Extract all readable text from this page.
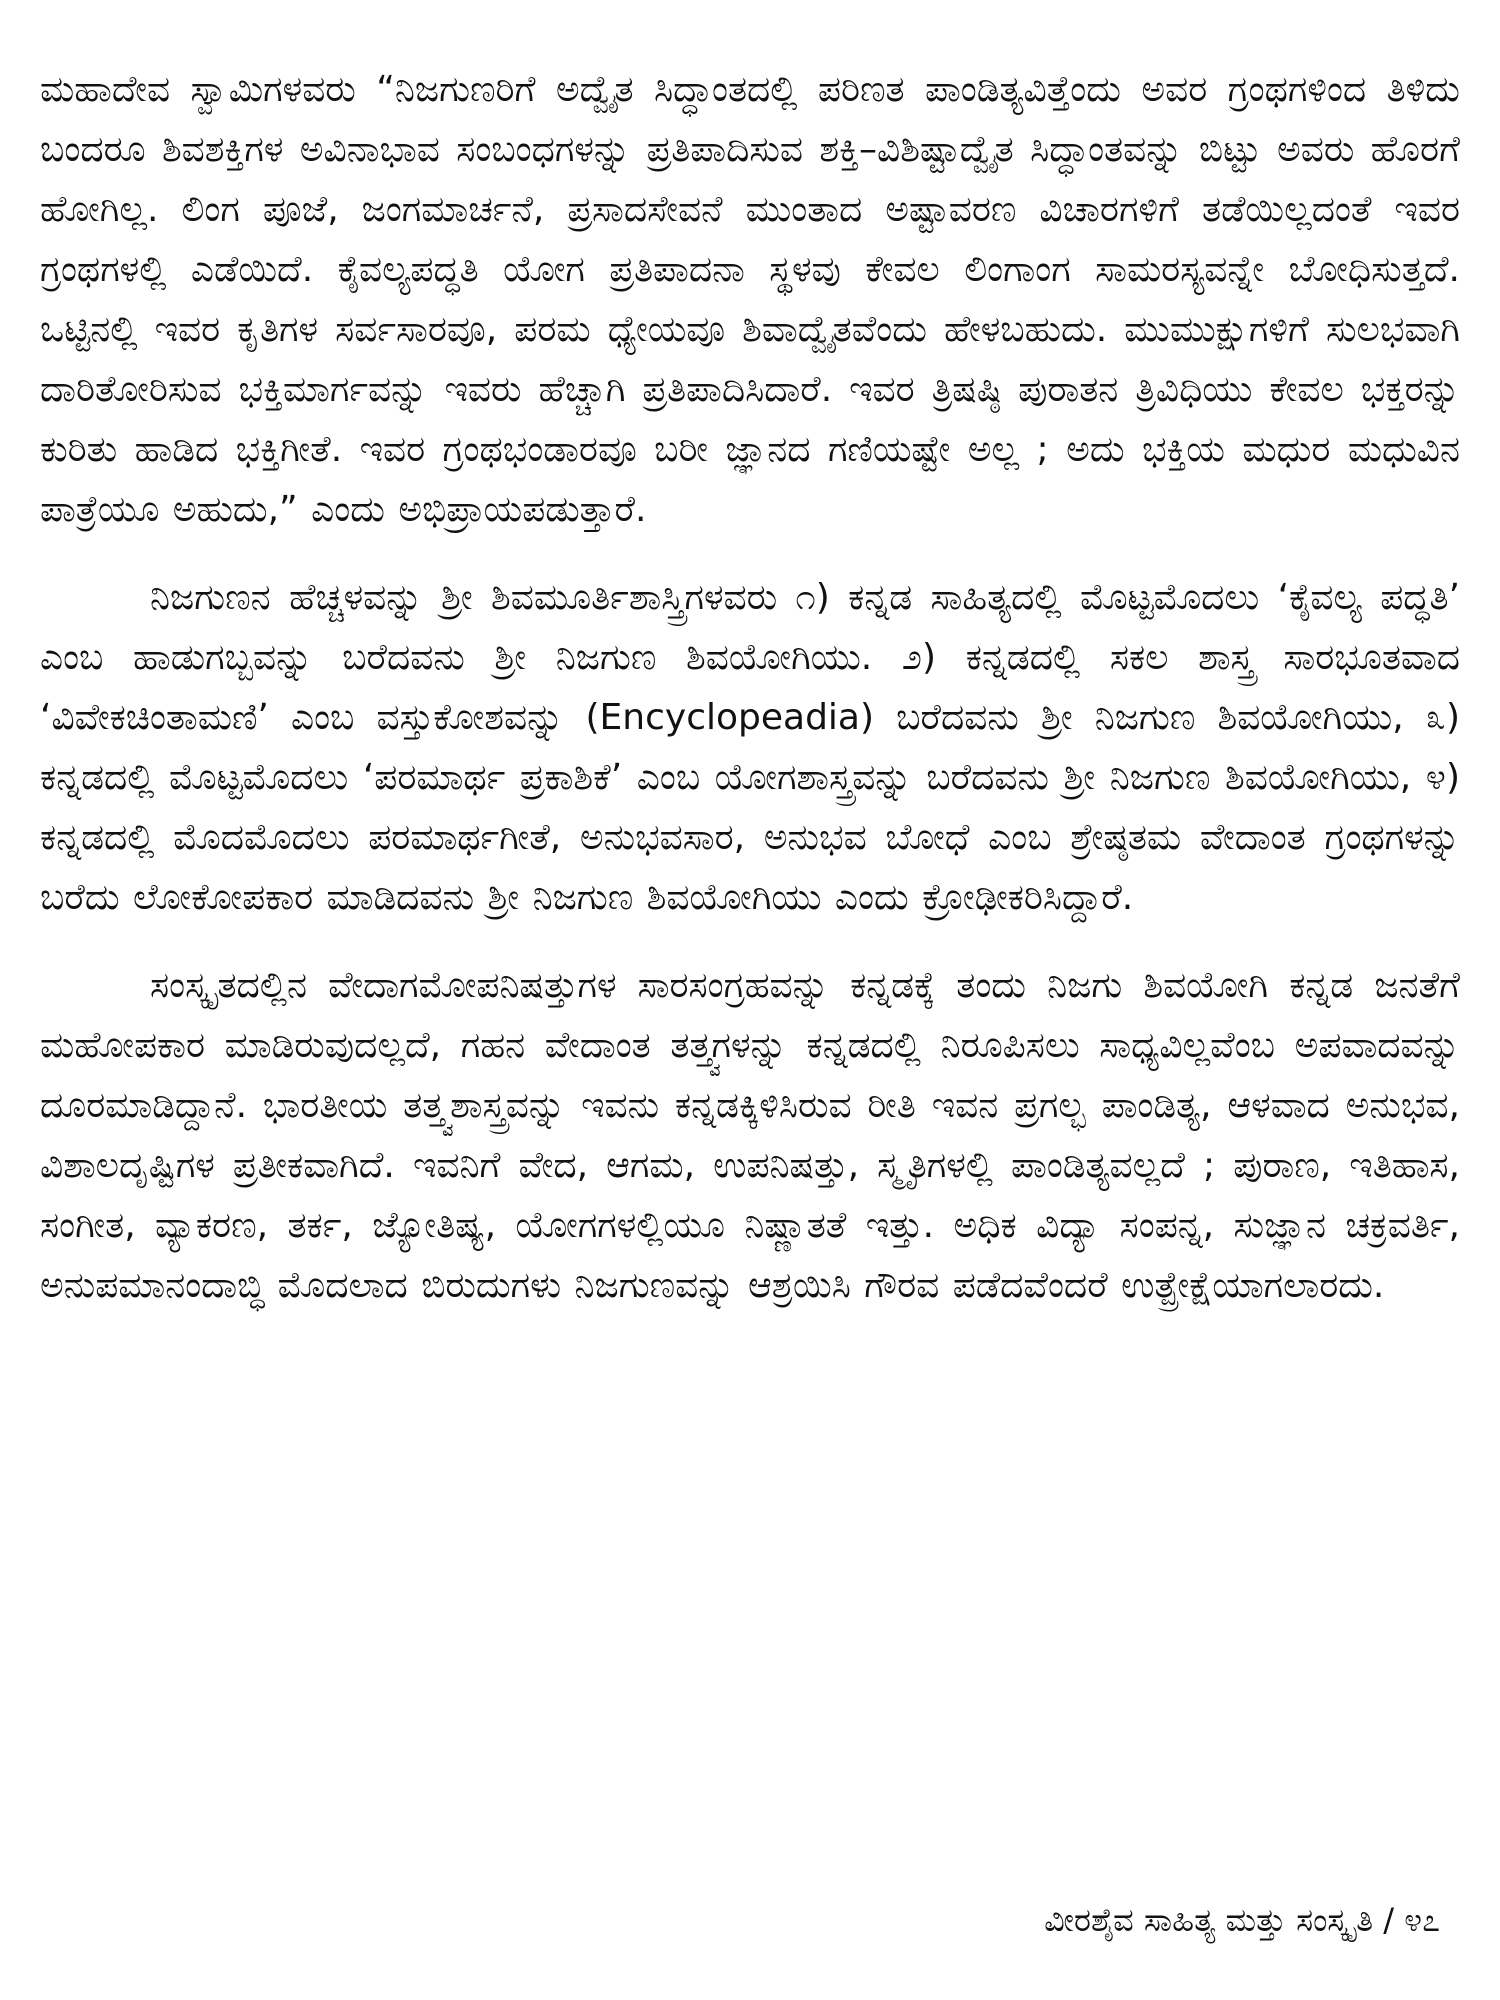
ಮಹಾದೇವ ಸ್ವಾಮಿಗಳವರು “ನಿಜಗುಣರಿಗೆ ಅದ್ವೈತ ಸಿದ್ಧಾಂತದಲ್ಲಿ ಪರಿಣತ ಪಾಂಡಿತ್ಯವಿತ್ತೆಂದು ಅವರ ಗ್ರಂಥಗಳಿಂದ ತಿಳಿದು ಬಂದರೂ ಶಿವಶಕ್ತಿಗಳ ಅವಿನಾಭಾವ ಸಂಬಂಧಗಳನ್ನು ಪ್ರತಿಪಾದಿಸುವ ಶಕ್ತಿ–ವಿಶಿಷ್ಟಾದ್ವೈತ ಸಿದ್ಧಾಂತವನ್ನು ಬಿಟ್ಟು ಅವರು ಹೊರಗೆ ಹೋಗಿಲ್ಲ. ಲಿಂಗ ಪೂಜೆ, ಜಂಗಮಾರ್ಚನೆ, ಪ್ರಸಾದಸೇವನೆ ಮುಂತಾದ ಅಷ್ಟಾವರಣ ವಿಚಾರಗಳಿಗೆ ತಡೆಯಿಲ್ಲದಂತೆ ಇವರ ಗ್ರಂಥಗಳಲ್ಲಿ ಎಡೆಯಿದೆ. ಕೈವಲ್ಯಪದ್ಧತಿ ಯೋಗ ಪ್ರತಿಪಾದನಾ ಸ್ಥಳವು ಕೇವಲ ಲಿಂಗಾಂಗ ಸಾಮರಸ್ಯವನ್ನೇ ಬೋಧಿಸುತ್ತದೆ. ಒಟ್ಟಿನಲ್ಲಿ ಇವರ ಕೃತಿಗಳ ಸರ್ವಸಾರವೂ, ಪರಮ ಧ್ಯೇಯವೂ ಶಿವಾದ್ವೈತವೆಂದು ಹೇಳಬಹುದು. ಮುಮುಕ್ಷುಗಳಿಗೆ ಸುಲಭವಾಗಿ ದಾರಿತೋರಿಸುವ ಭಕ್ತಿಮಾರ್ಗವನ್ನು ಇವರು ಹೆಚ್ಚಾಗಿ ಪ್ರತಿಪಾದಿಸಿದಾರೆ. ಇವರ ತ್ರಿಷಷ್ಠಿ ಪುರಾತನ ತ್ರಿವಿಧಿಯು ಕೇವಲ ಭಕ್ತರನ್ನು ಕುರಿತು ಹಾಡಿದ ಭಕ್ತಿಗೀತೆ. ಇವರ ಗ್ರಂಥಭಂಡಾರವೂ ಬರೀ ಜ್ಞಾನದ ಗಣಿಯಷ್ಟೇ ಅಲ್ಲ ; ಅದು ಭಕ್ತಿಯ ಮಧುರ ಮಧುವಿನ ಪಾತ್ರೆಯೂ ಅಹುದು,” ಎಂದು ಅಭಿಪ್ರಾಯಪಡುತ್ತಾರೆ.

ನಿಜಗುಣನ ಹೆಚ್ಚಳವನ್ನು ಶ್ರೀ ಶಿವಮೂರ್ತಿಶಾಸ್ತ್ರಿಗಳವರು ೧) ಕನ್ನಡ ಸಾಹಿತ್ಯದಲ್ಲಿ ಮೊಟ್ಟಮೊದಲು ‘ಕೈವಲ್ಯ ಪದ್ಧತಿ’ ಎಂಬ ಹಾಡುಗಬ್ಬವನ್ನು ಬರೆದವನು ಶ್ರೀ ನಿಜಗುಣ ಶಿವಯೋಗಿಯು. ೨) ಕನ್ನಡದಲ್ಲಿ ಸಕಲ ಶಾಸ್ತ್ರ ಸಾರಭೂತವಾದ ‘ವಿವೇಕಚಿಂತಾಮಣಿ’ ಎಂಬ ವಸ್ತುಕೋಶವನ್ನು (Encyclopeadia) ಬರೆದವನು ಶ್ರೀ ನಿಜಗುಣ ಶಿವಯೋಗಿಯು, ೩) ಕನ್ನಡದಲ್ಲಿ ಮೊಟ್ಟಮೊದಲು ‘ಪರಮಾರ್ಥ ಪ್ರಕಾಶಿಕೆ’ ಎಂಬ ಯೋಗಶಾಸ್ತ್ರವನ್ನು ಬರೆದವನು ಶ್ರೀ ನಿಜಗುಣ ಶಿವಯೋಗಿಯು, ೪) ಕನ್ನಡದಲ್ಲಿ ಮೊದಮೊದಲು ಪರಮಾರ್ಥಗೀತೆ, ಅನುಭವಸಾರ, ಅನುಭವ ಬೋಧೆ ಎಂಬ ಶ್ರೇಷ್ಠತಮ ವೇದಾಂತ ಗ್ರಂಥಗಳನ್ನು ಬರೆದು ಲೋಕೋಪಕಾರ ಮಾಡಿದವನು ಶ್ರೀ ನಿಜಗುಣ ಶಿವಯೋಗಿಯು ಎಂದು ಕ್ರೋಢೀಕರಿಸಿದ್ದಾರೆ.

ಸಂಸ್ಕೃತದಲ್ಲಿನ ವೇದಾಗಮೋಪನಿಷತ್ತುಗಳ ಸಾರಸಂಗ್ರಹವನ್ನು ಕನ್ನಡಕ್ಕೆ ತಂದು ನಿಜಗು ಶಿವಯೋಗಿ ಕನ್ನಡ ಜನತೆಗೆ ಮಹೋಪಕಾರ ಮಾಡಿರುವುದಲ್ಲದೆ, ಗಹನ ವೇದಾಂತ ತತ್ತ್ವಗಳನ್ನು ಕನ್ನಡದಲ್ಲಿ ನಿರೂಪಿಸಲು ಸಾಧ್ಯವಿಲ್ಲವೆಂಬ ಅಪವಾದವನ್ನು ದೂರಮಾಡಿದ್ದಾನೆ. ಭಾರತೀಯ ತತ್ತ್ವಶಾಸ್ತ್ರವನ್ನು ಇವನು ಕನ್ನಡಕ್ಕಿಳಿಸಿರುವ ರೀತಿ ಇವನ ಪ್ರಗಲ್ಭ ಪಾಂಡಿತ್ಯ, ಆಳವಾದ ಅನುಭವ, ವಿಶಾಲದೃಷ್ಟಿಗಳ ಪ್ರತೀಕವಾಗಿದೆ. ಇವನಿಗೆ ವೇದ, ಆಗಮ, ಉಪನಿಷತ್ತು, ಸ್ಮೃತಿಗಳಲ್ಲಿ ಪಾಂಡಿತ್ಯವಲ್ಲದೆ ; ಪುರಾಣ, ಇತಿಹಾಸ, ಸಂಗೀತ, ವ್ಯಾಕರಣ, ತರ್ಕ, ಜ್ಯೋತಿಷ್ಯ, ಯೋಗಗಳಲ್ಲಿಯೂ ನಿಷ್ಣಾತತೆ ಇತ್ತು. ಅಧಿಕ ವಿದ್ಯಾ ಸಂಪನ್ನ, ಸುಜ್ಞಾನ ಚಕ್ರವರ್ತಿ, ಅನುಪಮಾನಂದಾಬ್ಧಿ ಮೊದಲಾದ ಬಿರುದುಗಳು ನಿಜಗುಣವನ್ನು ಆಶ್ರಯಿಸಿ ಗೌರವ ಪಡೆದವೆಂದರೆ ಉತ್ಪ್ರೇಕ್ಷೆಯಾಗಲಾರದು.

ವೀರಶೈವ ಸಾಹಿತ್ಯ ಮತ್ತು ಸಂಸ್ಕೃತಿ / ೪೭
